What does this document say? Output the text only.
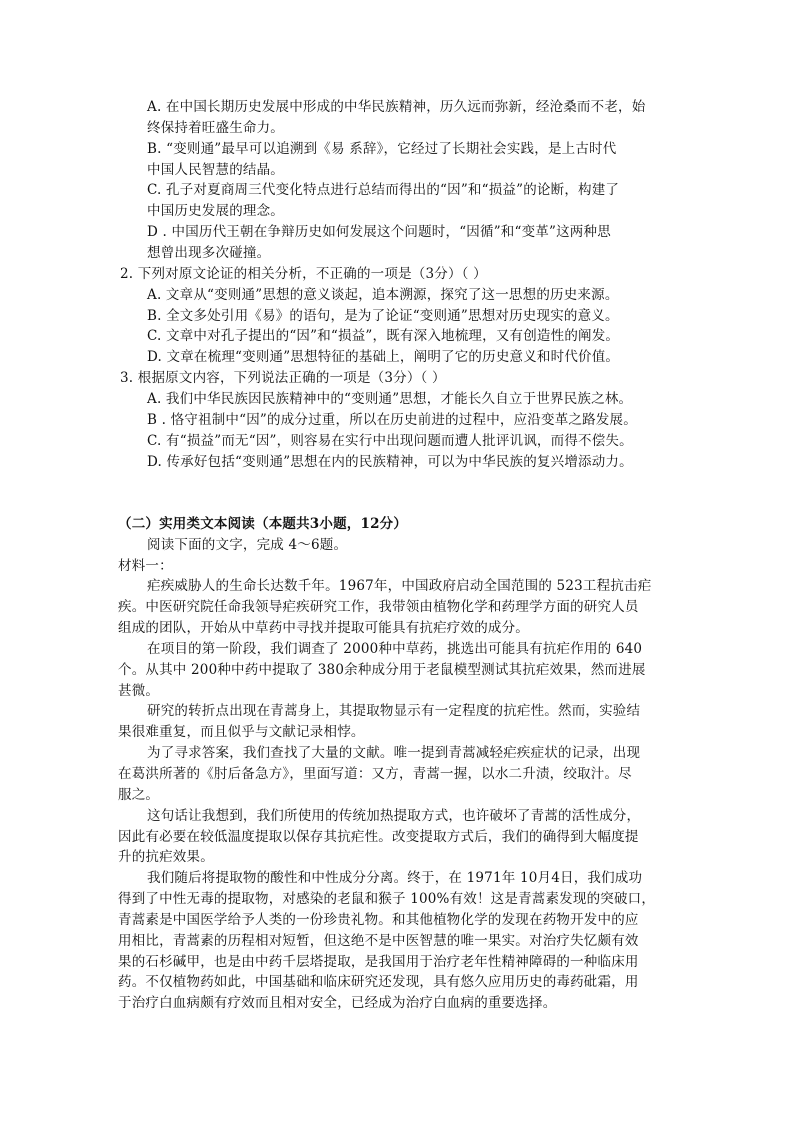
A. 在中国长期历史发展中形成的中华民族精神，历久远而弥新，经沧桑而不老，始
终保持着旺盛生命力。
B. “变则通”最早可以追溯到《易 系辞》，它经过了长期社会实践，是上古时代
中国人民智慧的结晶。
C. 孔子对夏商周三代变化特点进行总结而得出的“因”和“损益”的论断，构建了
中国历史发展的理念。
D . 中国历代王朝在争辩历史如何发展这个问题时，“因循”和“变革”这两种思
想曾出现多次碰撞。
2. 下列对原文论证的相关分析，不正确的一项是（3分）（ ）
A. 文章从“变则通”思想的意义谈起，追本溯源，探究了这一思想的历史来源。
B. 全文多处引用《易》的语句，是为了论证“变则通”思想对历史现实的意义。
C. 文章中对孔子提出的“因”和“损益”，既有深入地梳理，又有创造性的阐发。
D. 文章在梳理“变则通”思想特征的基础上，阐明了它的历史意义和时代价值。
3. 根据原文内容，下列说法正确的一项是（3分）（ ）
A. 我们中华民族因民族精神中的“变则通”思想，才能长久自立于世界民族之林。
B . 恪守祖制中“因”的成分过重，所以在历史前进的过程中，应沿变革之路发展。
C. 有“损益”而无“因”，则容易在实行中出现问题而遭人批评讥讽，而得不偿失。
D. 传承好包括“变则通”思想在内的民族精神，可以为中华民族的复兴增添动力。
（二）实用类文本阅读（本题共3小题，12分）
阅读下面的文字，完成 4～6题。
材料一：
疟疾威胁人的生命长达数千年。1967年，中国政府启动全国范围的 523工程抗击疟
疾。中医研究院任命我领导疟疾研究工作，我带领由植物化学和药理学方面的研究人员
组成的团队，开始从中草药中寻找并提取可能具有抗疟疗效的成分。
在项目的第一阶段，我们调查了 2000种中草药，挑选出可能具有抗疟作用的 640
个。从其中 200种中药中提取了 380余种成分用于老鼠模型测试其抗疟效果，然而进展
甚微。
研究的转折点出现在青蒿身上，其提取物显示有一定程度的抗疟性。然而，实验结
果很难重复，而且似乎与文献记录相悖。
为了寻求答案，我们查找了大量的文献。唯一提到青蒿减轻疟疾症状的记录，出现
在葛洪所著的《肘后备急方》，里面写道：又方，青蒿一握，以水二升渍，绞取汁。尽
服之。
这句话让我想到，我们所使用的传统加热提取方式，也许破坏了青蒿的活性成分，
因此有必要在较低温度提取以保存其抗疟性。改变提取方式后，我们的确得到大幅度提
升的抗疟效果。
我们随后将提取物的酸性和中性成分分离。终于，在 1971年 10月4日，我们成功
得到了中性无毒的提取物，对感染的老鼠和猴子 100%有效！这是青蒿素发现的突破口，
青蒿素是中国医学给予人类的一份珍贵礼物。和其他植物化学的发现在药物开发中的应
用相比，青蒿素的历程相对短暂，但这绝不是中医智慧的唯一果实。对治疗失忆颇有效
果的石杉碱甲，也是由中药千层塔提取，是我国用于治疗老年性精神障碍的一种临床用
药。不仅植物药如此，中国基础和临床研究还发现，具有悠久应用历史的毒药砒霜，用
于治疗白血病颇有疗效而且相对安全，已经成为治疗白血病的重要选择。
